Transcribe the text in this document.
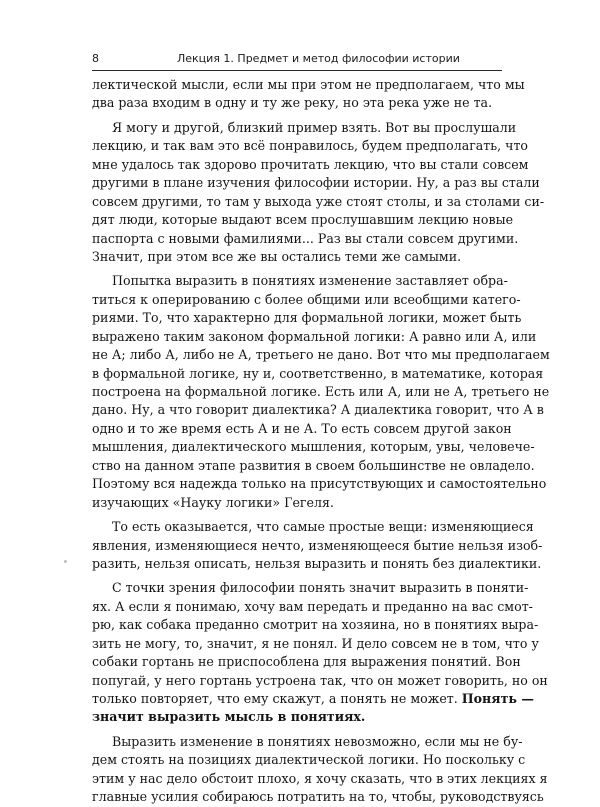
8	Лекция 1. Предмет и метод философии истории
лектической мысли, если мы при этом не предполагаем, что мы
два раза входим в одну и ту же реку, но эта река уже не та.
Я могу и другой, близкий пример взять. Вот вы прослушали
лекцию, и так вам это всё понравилось, будем предполагать, что
мне удалось так здорово прочитать лекцию, что вы стали совсем
другими в плане изучения философии истории. Ну, а раз вы стали
совсем другими, то там у выхода уже стоят столы, и за столами си-
дят люди, которые выдают всем прослушавшим лекцию новые
паспорта с новыми фамилиями... Раз вы стали совсем другими.
Значит, при этом все же вы остались теми же самыми.
Попытка выразить в понятиях изменение заставляет обра-
титься к оперированию с более общими или всеобщими катего-
риями. То, что характерно для формальной логики, может быть
выражено таким законом формальной логики: А равно или А, или
не А; либо А, либо не А, третьего не дано. Вот что мы предполагаем
в формальной логике, ну и, соответственно, в математике, которая
построена на формальной логике. Есть или А, или не А, третьего не
дано. Ну, а что говорит диалектика? А диалектика говорит, что А в
одно и то же время есть А и не А. То есть совсем другой закон
мышления, диалектического мышления, которым, увы, человече-
ство на данном этапе развития в своем большинстве не овладело.
Поэтому вся надежда только на присутствующих и самостоятельно
изучающих «Науку логики» Гегеля.
То есть оказывается, что самые простые вещи: изменяющиеся
явления, изменяющиеся нечто, изменяющееся бытие нельзя изоб-
разить, нельзя описать, нельзя выразить и понять без диалектики.
С точки зрения философии понять значит выразить в поняти-
ях. А если я понимаю, хочу вам передать и преданно на вас смот-
рю, как собака преданно смотрит на хозяина, но в понятиях выра-
зить не могу, то, значит, я не понял. И дело совсем не в том, что у
собаки гортань не приспособлена для выражения понятий. Вон
попугай, у него гортань устроена так, что он может говорить, но он
только повторяет, что ему скажут, а понять не может. Понять —
значит выразить мысль в понятиях.
Выразить изменение в понятиях невозможно, если мы не бу-
дем стоять на позициях диалектической логики. Но поскольку с
этим у нас дело обстоит плохо, я хочу сказать, что в этих лекциях я
главные усилия собираюсь потратить на то, чтобы, руководствуясь
